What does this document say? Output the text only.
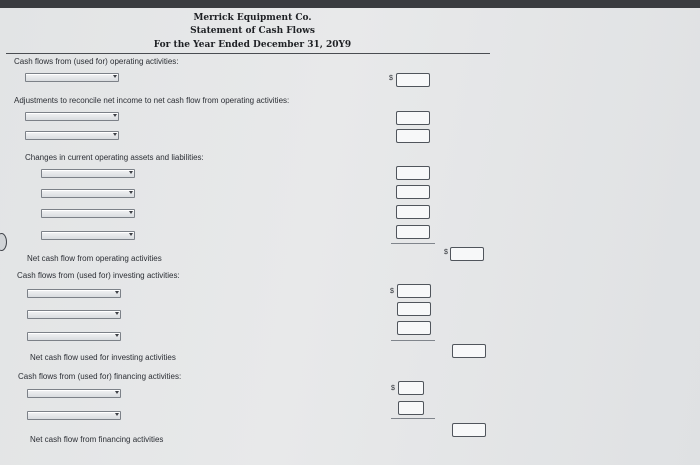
Merrick Equipment Co.
Statement of Cash Flows
For the Year Ended December 31, 20Y9
Cash flows from (used for) operating activities:
$
Adjustments to reconcile net income to net cash flow from operating activities:
Changes in current operating assets and liabilities:
Net cash flow from operating activities
$
Cash flows from (used for) investing activities:
$
Net cash flow used for investing activities
Cash flows from (used for) financing activities:
$
Net cash flow from financing activities
